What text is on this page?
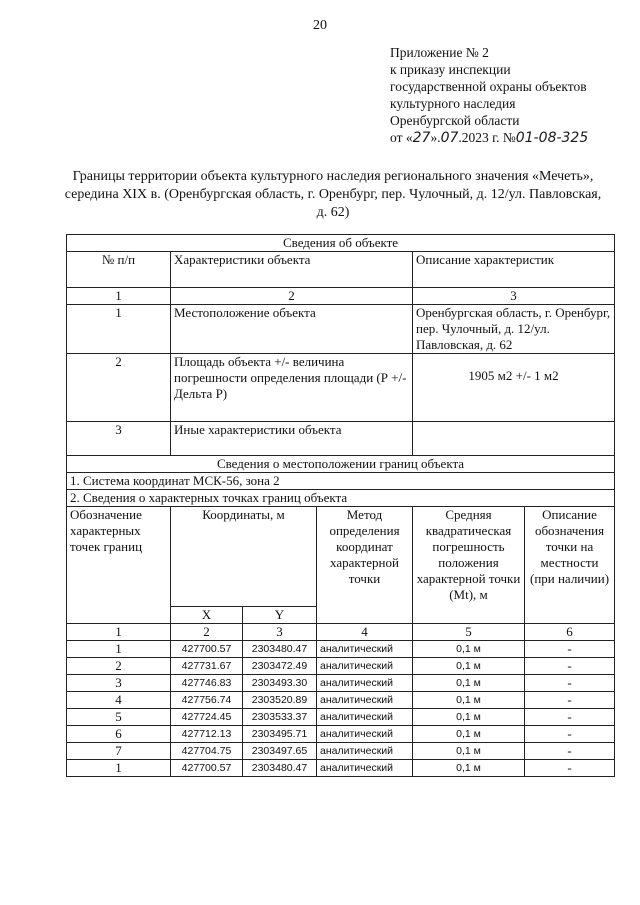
20
Приложение № 2
к приказу инспекции
государственной охраны объектов
культурного наследия
Оренбургской области
от «27».07.2023 г. №01-08-325
Границы территории объекта культурного наследия регионального значения «Мечеть», середина XIX в. (Оренбургская область, г. Оренбург, пер. Чулочный, д. 12/ул. Павловская, д. 62)
Сведения об объекте					
№ п/п	Характеристики объекта			Описание характеристик	
1	2			3	
1	Местоположение объекта			Оренбургская область, г. Оренбург, пер. Чулочный, д. 12/ул. Павловская, д. 62	
2	Площадь объекта +/- величина погрешности определения площади (Р +/- Дельта Р)			1905 м2 +/- 1 м2	
3	Иные характеристики объекта				
Сведения о местоположении границ объекта					
1. Система координат МСК-56, зона 2					
2. Сведения о характерных точках границ объекта					
Обозначение характерных точек границ	Координаты, м		Метод определения координат характерной точки	Средняя квадратическая погрешность положения характерной точки (Mt), м	Описание обозначения точки на местности (при наличии)
	X	Y			
1	2	3	4	5	6
1	427700.57	2303480.47	аналитический	0,1 м	-
2	427731.67	2303472.49	аналитический	0,1 м	-
3	427746.83	2303493.30	аналитический	0,1 м	-
4	427756.74	2303520.89	аналитический	0,1 м	-
5	427724.45	2303533.37	аналитический	0,1 м	-
6	427712.13	2303495.71	аналитический	0,1 м	-
7	427704.75	2303497.65	аналитический	0,1 м	-
1	427700.57	2303480.47	аналитический	0,1 м	-
